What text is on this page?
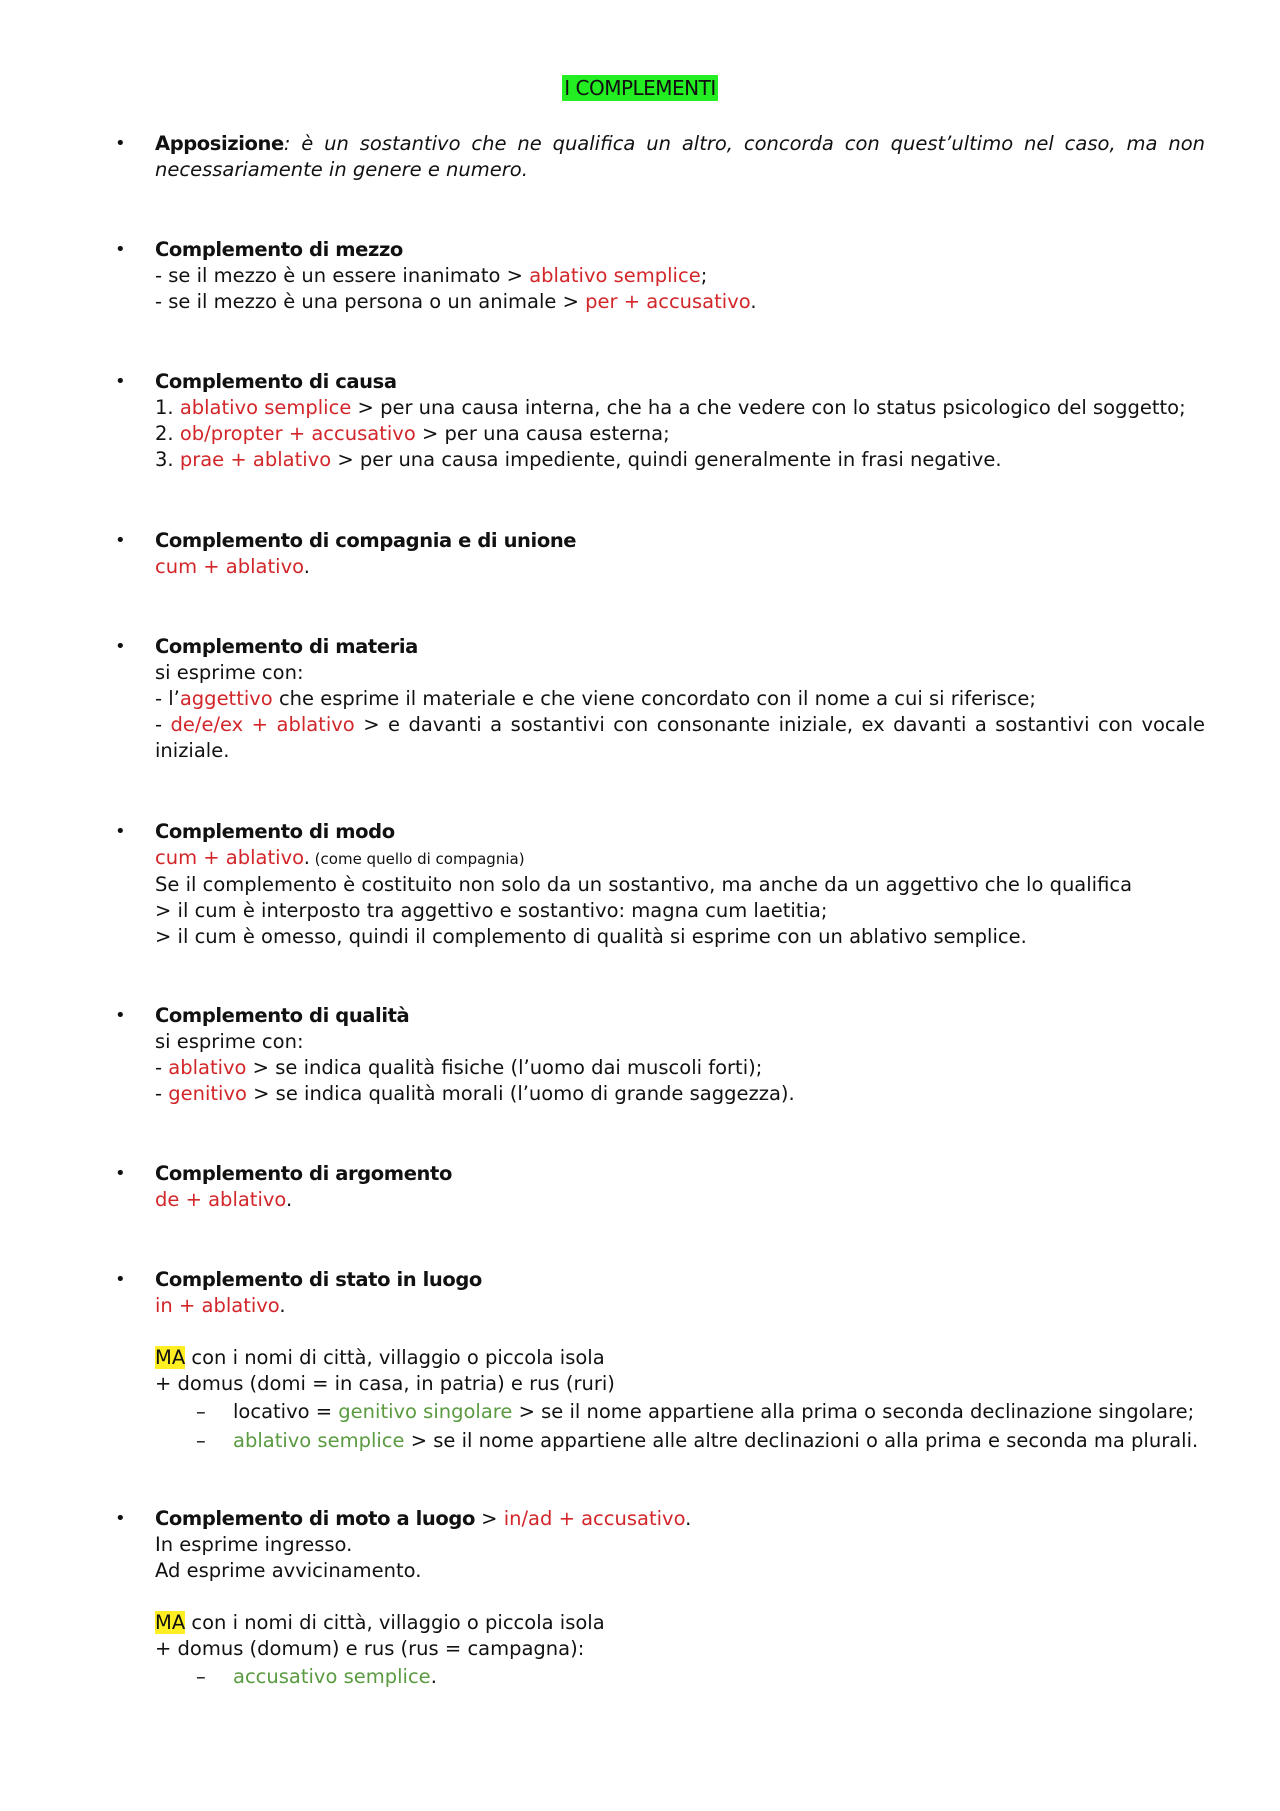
I COMPLEMENTI
• Apposizione: è un sostantivo che ne qualifica un altro, concorda con quest’ultimo nel caso, ma non necessariamente in genere e numero.
• Complemento di mezzo
- se il mezzo è un essere inanimato > ablativo semplice;
- se il mezzo è una persona o un animale > per + accusativo.
• Complemento di causa
1. ablativo semplice > per una causa interna, che ha a che vedere con lo status psicologico del soggetto;
2. ob/propter + accusativo > per una causa esterna;
3. prae + ablativo > per una causa impediente, quindi generalmente in frasi negative.
• Complemento di compagnia e di unione
cum + ablativo.
• Complemento di materia
si esprime con:
- l’aggettivo che esprime il materiale e che viene concordato con il nome a cui si riferisce;
- de/e/ex + ablativo > e davanti a sostantivi con consonante iniziale, ex davanti a sostantivi con vocale iniziale.
• Complemento di modo
cum + ablativo. (come quello di compagnia)
Se il complemento è costituito non solo da un sostantivo, ma anche da un aggettivo che lo qualifica
> il cum è interposto tra aggettivo e sostantivo: magna cum laetitia;
> il cum è omesso, quindi il complemento di qualità si esprime con un ablativo semplice.
• Complemento di qualità
si esprime con:
- ablativo > se indica qualità fisiche (l’uomo dai muscoli forti);
- genitivo > se indica qualità morali (l’uomo di grande saggezza).
• Complemento di argomento
de + ablativo.
• Complemento di stato in luogo
in + ablativo.
MA con i nomi di città, villaggio o piccola isola
+ domus (domi = in casa, in patria) e rus (ruri)
– locativo = genitivo singolare > se il nome appartiene alla prima o seconda declinazione singolare;
– ablativo semplice > se il nome appartiene alle altre declinazioni o alla prima e seconda ma plurali.
• Complemento di moto a luogo > in/ad + accusativo.
In esprime ingresso.
Ad esprime avvicinamento.
MA con i nomi di città, villaggio o piccola isola
+ domus (domum) e rus (rus = campagna):
– accusativo semplice.
